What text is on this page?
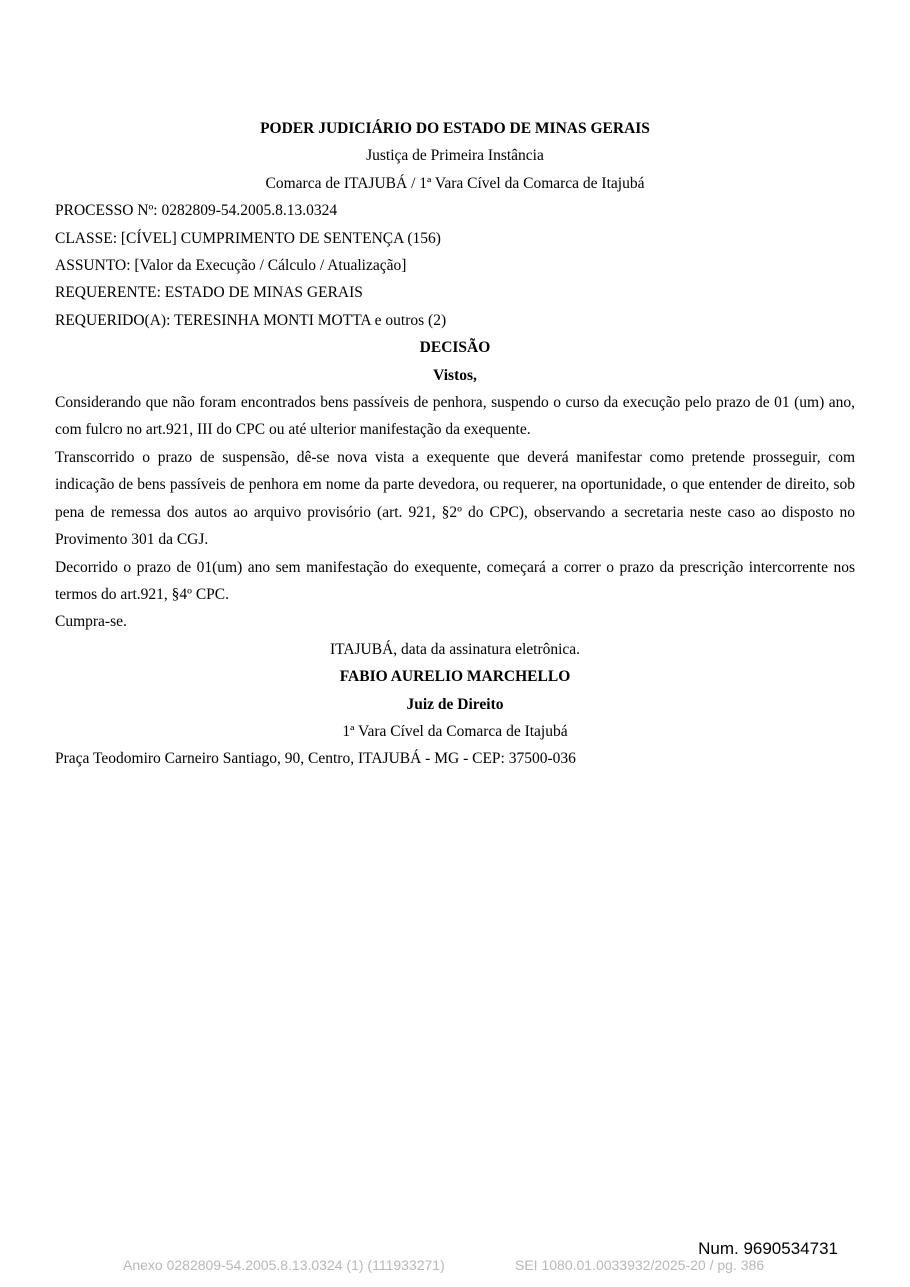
PODER JUDICIÁRIO DO ESTADO DE MINAS GERAIS
Justiça de Primeira Instância
Comarca de ITAJUBÁ / 1ª Vara Cível da Comarca de Itajubá
PROCESSO Nº: 0282809-54.2005.8.13.0324
CLASSE: [CÍVEL] CUMPRIMENTO DE SENTENÇA (156)
ASSUNTO: [Valor da Execução / Cálculo / Atualização]
REQUERENTE: ESTADO DE MINAS GERAIS
REQUERIDO(A): TERESINHA MONTI MOTTA e outros (2)
DECISÃO
Vistos,
Considerando que não foram encontrados bens passíveis de penhora, suspendo o curso da execução pelo prazo de 01 (um) ano, com fulcro no art.921, III do CPC ou até ulterior manifestação da exequente.
Transcorrido o prazo de suspensão, dê-se nova vista a exequente que deverá manifestar como pretende prosseguir, com indicação de bens passíveis de penhora em nome da parte devedora, ou requerer, na oportunidade, o que entender de direito, sob pena de remessa dos autos ao arquivo provisório (art. 921, §2º do CPC), observando a secretaria neste caso ao disposto no Provimento 301 da CGJ.
Decorrido o prazo de 01(um) ano sem manifestação do exequente, começará a correr o prazo da prescrição intercorrente nos termos do art.921, §4º CPC.
Cumpra-se.
ITAJUBÁ, data da assinatura eletrônica.
FABIO AURELIO MARCHELLO
Juiz de Direito
1ª Vara Cível da Comarca de Itajubá
Praça Teodomiro Carneiro Santiago, 90, Centro, ITAJUBÁ - MG - CEP: 37500-036
Num. 9690534731
Anexo 0282809-54.2005.8.13.0324 (1) (111933271)	SEI 1080.01.0033932/2025-20 / pg. 386
